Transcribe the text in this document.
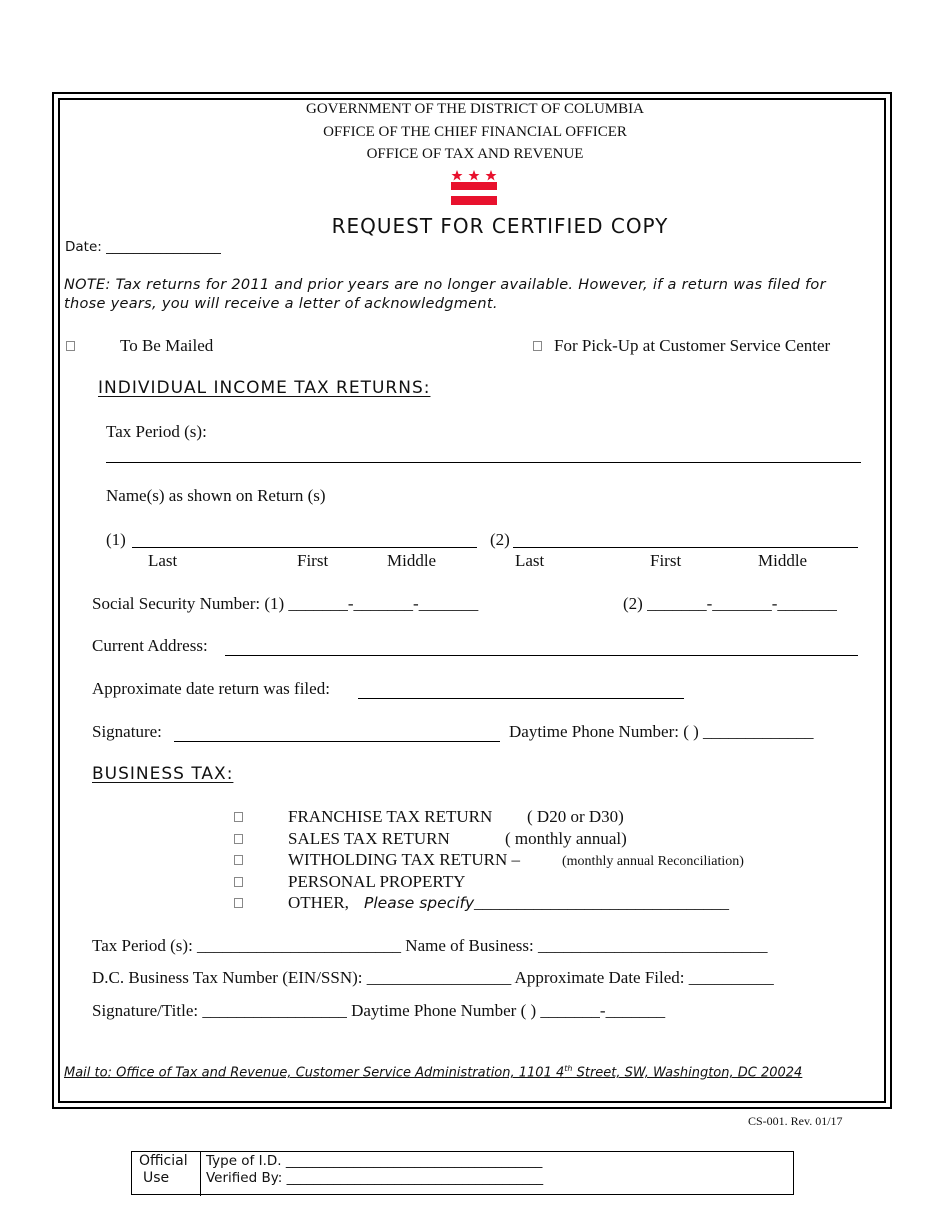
GOVERNMENT OF THE DISTRICT OF COLUMBIA
OFFICE OF THE CHIEF FINANCIAL OFFICER
OFFICE OF TAX AND REVENUE
REQUEST FOR CERTIFIED COPY
Date: _________________
NOTE: Tax returns for 2011 and prior years are no longer available. However, if a return was filed for those years, you will receive a letter of acknowledgment.
To Be Mailed	For Pick-Up at Customer Service Center
INDIVIDUAL INCOME TAX RETURNS:
Tax Period (s):
Name(s) as shown on Return (s)
(1)	(2)
Last	First	Middle	Last	First	Middle
Social Security Number: (1) _______-_______-_______	(2) _______-_______-_______
Current Address:
Approximate date return was filed:
Signature:	Daytime Phone Number: ( ) _____________
BUSINESS TAX:
FRANCHISE TAX RETURN ( D20 or D30)
SALES TAX RETURN	( monthly annual)
WITHOLDING TAX RETURN –	(monthly annual Reconciliation)
PERSONAL PROPERTY
OTHER, Please specify ______________________________
Tax Period (s): ________________________ Name of Business: ___________________________
D.C. Business Tax Number (EIN/SSN): _________________ Approximate Date Filed: __________
Signature/Title: _________________ Daytime Phone Number ( ) _______-_______
Mail to: Office of Tax and Revenue, Customer Service Administration, 1101 4th Street, SW, Washington, DC 20024
CS-001. Rev. 01/17
Official
Use
Type of I.D. ______________________________________
Verified By: ______________________________________
